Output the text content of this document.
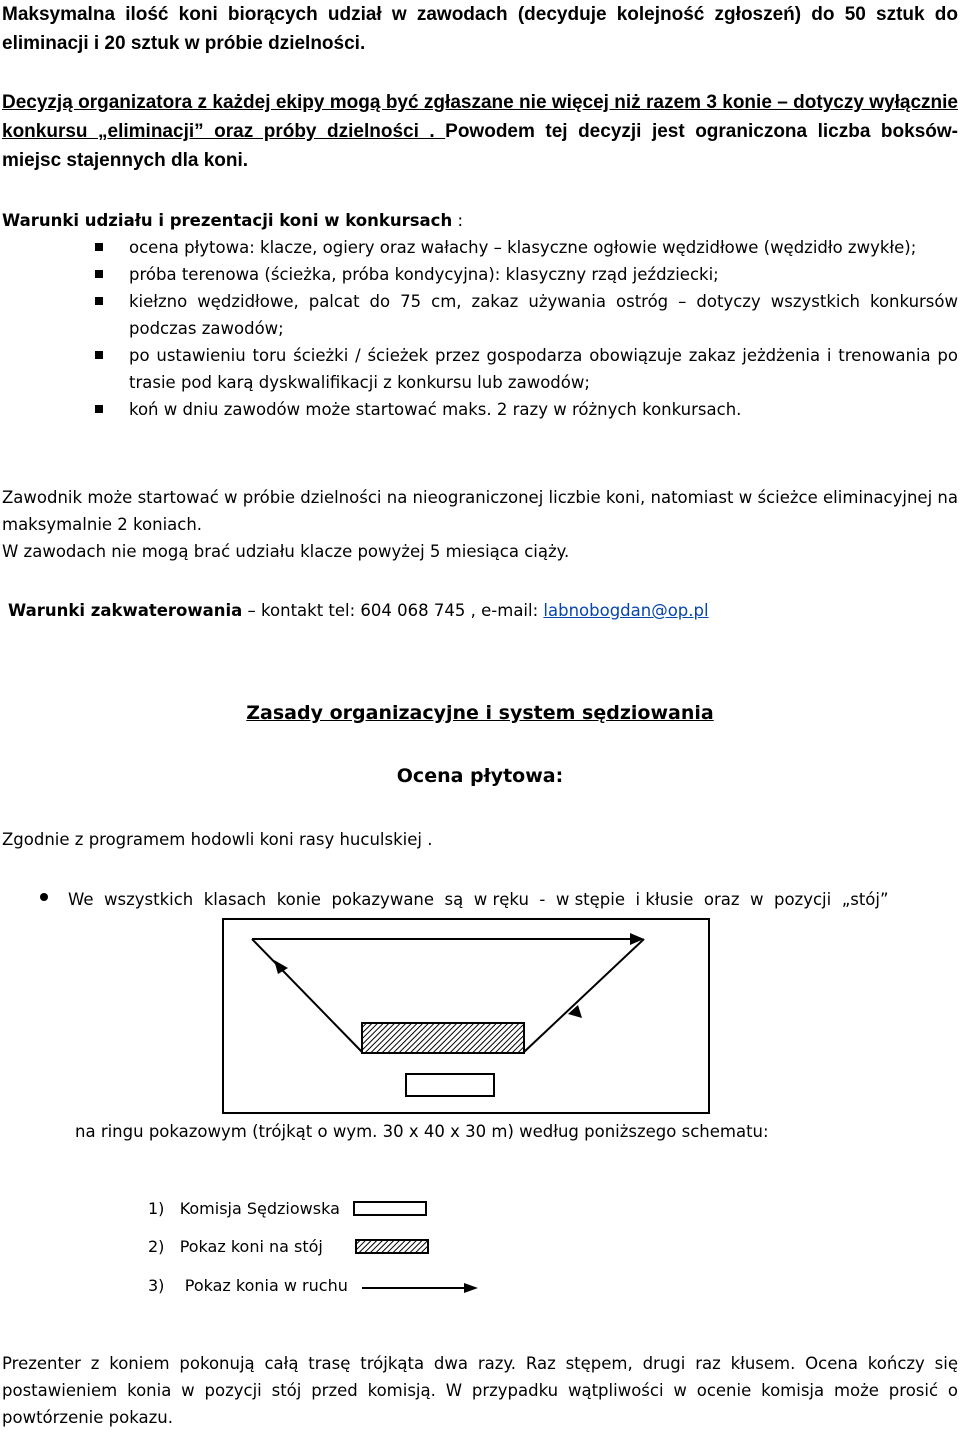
Maksymalna ilość koni biorących udział w zawodach (decyduje kolejność zgłoszeń) do 50 sztuk do eliminacji i 20 sztuk w próbie dzielności.

Decyzją organizatora z każdej ekipy mogą być zgłaszane nie więcej niż razem 3 konie – dotyczy wyłącznie konkursu „eliminacji” oraz próby dzielności . Powodem tej decyzji jest ograniczona liczba boksów- miejsc stajennych dla koni.

Warunki udziału i prezentacji koni w konkursach :

ocena płytowa: klacze, ogiery oraz wałachy – klasyczne ogłowie wędzidłowe (wędzidło zwykłe);
próba terenowa (ścieżka, próba kondycyjna): klasyczny rząd jeździecki;
kiełzno wędzidłowe, palcat do 75 cm, zakaz używania ostróg – dotyczy wszystkich konkursów podczas zawodów;
po ustawieniu toru ścieżki / ścieżek przez gospodarza obowiązuje zakaz jeżdżenia i trenowania po trasie pod karą dyskwalifikacji z konkursu lub zawodów;
koń w dniu zawodów może startować maks. 2 razy w różnych konkursach.

Zawodnik może startować w próbie dzielności na nieograniczonej liczbie koni, natomiast w ścieżce eliminacyjnej na maksymalnie 2 koniach.

W zawodach nie mogą brać udziału klacze powyżej 5 miesiąca ciąży.

Warunki zakwaterowania – kontakt tel: 604 068 745 , e-mail: labnobogdan@op.pl

Zasady organizacyjne i system sędziowania

Ocena płytowa:

Zgodnie z programem hodowli koni rasy huculskiej .

We  wszystkich  klasach  konie  pokazywane  są  w ręku  -  w stępie  i kłusie  oraz  w  pozycji  „stój”

na ringu pokazowym (trójkąt o wym. 30 x 40 x 30 m) według poniższego schematu:

1) Komisja Sędziowska
2) Pokaz koni na stój
3)    Pokaz konia w ruchu

Prezenter z koniem pokonują całą trasę trójkąta dwa razy. Raz stępem, drugi raz kłusem. Ocena kończy się postawieniem konia w pozycji stój przed komisją. W przypadku wątpliwości w ocenie komisja może prosić o powtórzenie pokazu.
